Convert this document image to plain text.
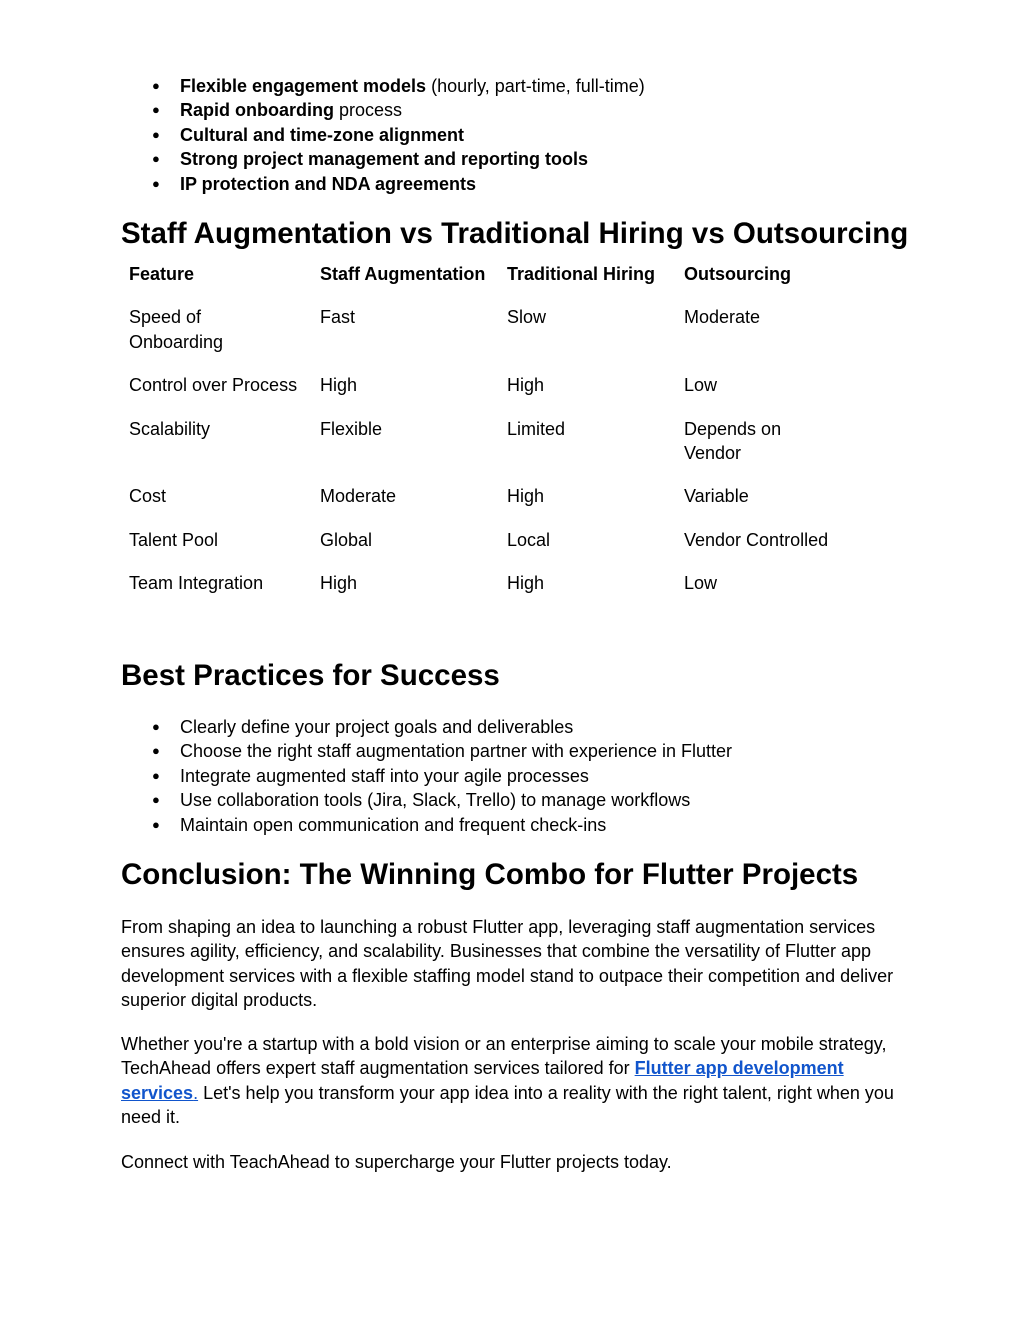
● Flexible engagement models (hourly, part-time, full-time)
● Rapid onboarding process
● Cultural and time-zone alignment
● Strong project management and reporting tools
● IP protection and NDA agreements
Staff Augmentation vs Traditional Hiring vs Outsourcing
Feature	Staff Augmentation	Traditional Hiring	Outsourcing
Speed of Onboarding	Fast	Slow	Moderate
Control over Process	High	High	Low
Scalability	Flexible	Limited	Depends on Vendor
Cost	Moderate	High	Variable
Talent Pool	Global	Local	Vendor Controlled
Team Integration	High	High	Low
Best Practices for Success
● Clearly define your project goals and deliverables
● Choose the right staff augmentation partner with experience in Flutter
● Integrate augmented staff into your agile processes
● Use collaboration tools (Jira, Slack, Trello) to manage workflows
● Maintain open communication and frequent check-ins
Conclusion: The Winning Combo for Flutter Projects

From shaping an idea to launching a robust Flutter app, leveraging staff augmentation services ensures agility, efficiency, and scalability. Businesses that combine the versatility of Flutter app development services with a flexible staffing model stand to outpace their competition and deliver superior digital products.

Whether you're a startup with a bold vision or an enterprise aiming to scale your mobile strategy, TechAhead offers expert staff augmentation services tailored for Flutter app development services. Let's help you transform your app idea into a reality with the right talent, right when you need it.

Connect with TeachAhead to supercharge your Flutter projects today.
